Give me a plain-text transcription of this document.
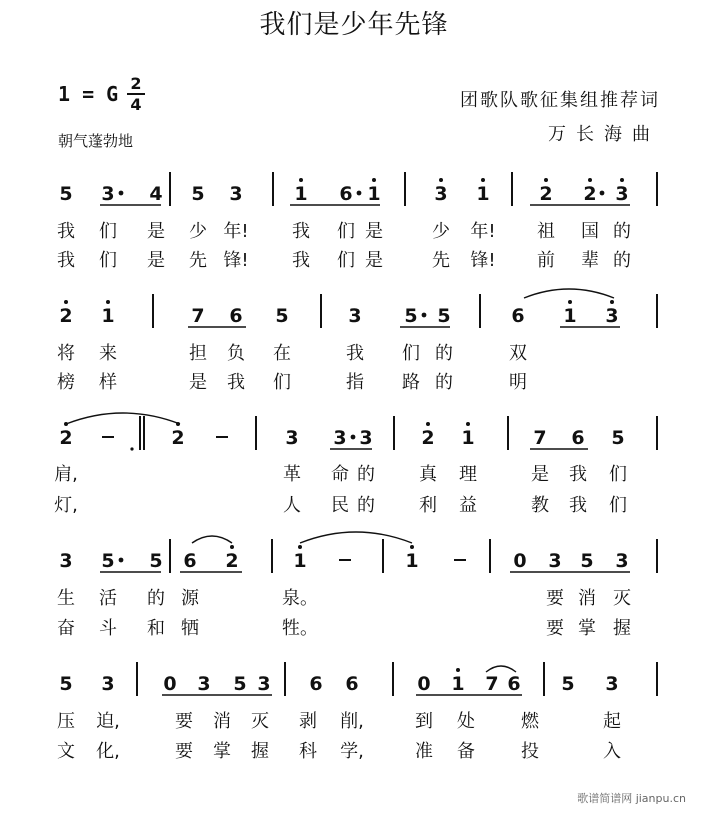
我们是少年先锋
1 = G 2
4
朝气蓬勃地
团歌队歌征集组推荐词
万长海曲
5 3 4 5 3	1 6 1	3 1	2 2 3
我 们 是 少 年! 我 们 是	少 年! 祖 国 的
我 们 是 先 锋! 我 们 是	先 锋! 前 辈 的
2 1	7 6 5	3 5 5	6 1 3
将 来	担 负 在	我 们 的	双
榜 样	是 我 们	指 路 的	明
2	2	3 3 3	2 1	7 6 5
肩,	革 命 的 真 理	是 我 们
灯,	人 民 的 利 益	教 我 们
3 5 5 6 2	1	1	0 3 5 3
生 活 的 源	泉。	要 消 灭
奋 斗 和 牺	牲。	要 掌 握
5 3	0 3 5 3 6 6	0 1 7 6 5 3
压 迫,	要 消 灭 剥 削,	到 处	燃	起
文 化,	要 掌 握 科 学,	准 备	投	入
歌谱简谱网 jianpu.cn
